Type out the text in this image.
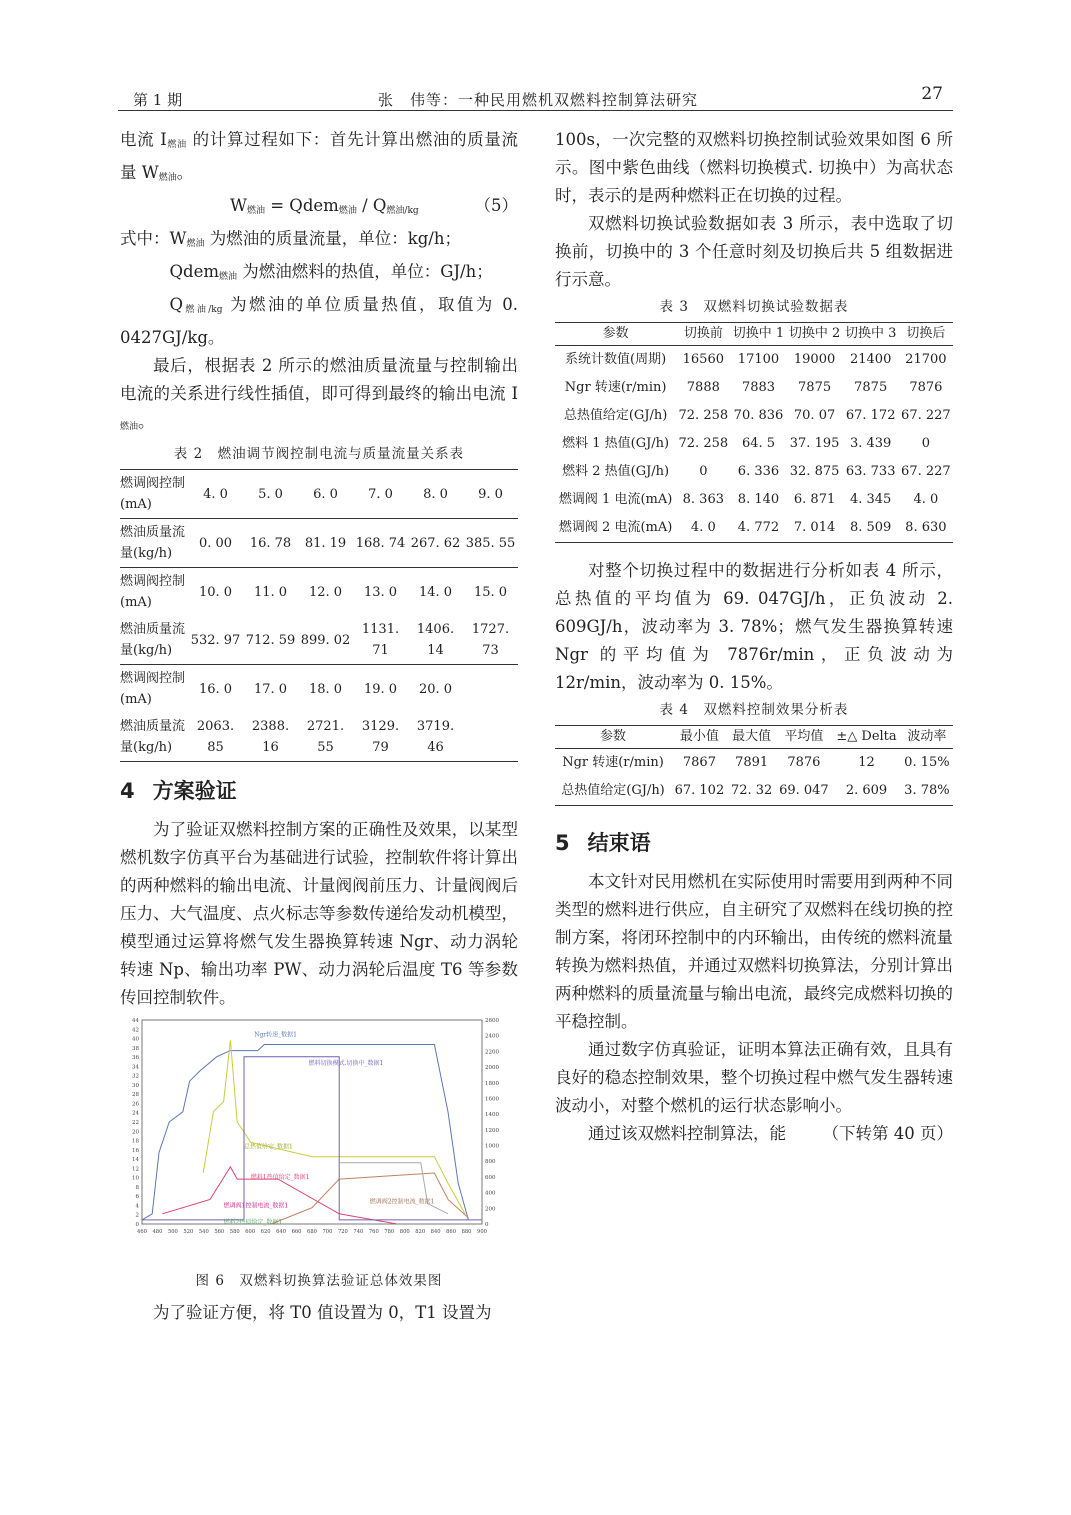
第 1 期	张　伟等：一种民用燃机双燃料控制算法研究	27

电流 $I_{燃油}$ 的计算过程如下：首先计算出燃油的质量流量 $W_{燃油}$。

$W_{燃油}$ = Qdem$_{燃油}$ / $Q_{燃油/kg}$	（5）

式中：$W_{燃油}$ 为燃油的质量流量，单位：kg/h；

Qdem$_{燃油}$ 为燃油燃料的热值，单位：GJ/h；

$Q_{燃油/kg}$ 为燃油的单位质量热值，取值为 0. 0427GJ/kg。

最后，根据表 2 所示的燃油质量流量与控制输出电流的关系进行线性插值，即可得到最终的输出电流 $I_{燃油}$。

表 2　燃油调节阀控制电流与质量流量关系表
燃调阀控制(mA)	4. 0	5. 0	6. 0	7. 0	8. 0	9. 0
燃油质量流量(kg/h)	0. 00	16. 78	81. 19	168. 74	267. 62	385. 55
燃调阀控制(mA)	10. 0	11. 0	12. 0	13. 0	14. 0	15. 0
燃油质量流量(kg/h)	532. 97	712. 59	899. 02	1131. 71	1406. 14	1727. 73
燃调阀控制(mA)	16. 0	17. 0	18. 0	19. 0	20. 0	
燃油质量流量(kg/h)	2063. 85	2388. 16	2721. 55	3129. 79	3719. 46	
4 方案验证

为了验证双燃料控制方案的正确性及效果，以某型燃机数字仿真平台为基础进行试验，控制软件将计算出的两种燃料的输出电流、计量阀阀前压力、计量阀阀后压力、大气温度、点火标志等参数传递给发动机模型，模型通过运算将燃气发生器换算转速 Ngr、动力涡轮转速 Np、输出功率 PW、动力涡轮后温度 T6 等参数传回控制软件。

44
42
40
38
36
34
32
30
28
26
24
22
20
18
16
14
12
10
8
6
4
2
0
2600
2400
2200
2000
1800
1600
1400
1200
1000
800
600
400
200
0
460 480 500 520 540 560 580 600 620 640 660 680 700 720 740 760 780 800 820 840 860 880 900
Ngr转速_数据1
燃料切换模式.切换中_数据1
总热值给定_数据1
燃料1热值给定_数据1
燃调阀1控制电流_数据1
燃调阀2控制电流_数据1
燃料2热值给定_数据1
图 6　双燃料切换算法验证总体效果图

为了验证方便，将 T0 值设置为 0，T1 设置为

100s，一次完整的双燃料切换控制试验效果如图 6 所示。图中紫色曲线（燃料切换模式. 切换中）为高状态时，表示的是两种燃料正在切换的过程。

双燃料切换试验数据如表 3 所示，表中选取了切换前，切换中的 3 个任意时刻及切换后共 5 组数据进行示意。

表 3　双燃料切换试验数据表
参数	切换前	切换中 1	切换中 2	切换中 3	切换后
系统计数值(周期)	16560	17100	19000	21400	21700
Ngr 转速(r/min)	7888	7883	7875	7875	7876
总热值给定(GJ/h)	72. 258	70. 836	70. 07	67. 172	67. 227
燃料 1 热值(GJ/h)	72. 258	64. 5	37. 195	3. 439	0
燃料 2 热值(GJ/h)	0	6. 336	32. 875	63. 733	67. 227
燃调阀 1 电流(mA)	8. 363	8. 140	6. 871	4. 345	4. 0
燃调阀 2 电流(mA)	4. 0	4. 772	7. 014	8. 509	8. 630

对整个切换过程中的数据进行分析如表 4 所示，总热值的平均值为 69. 047GJ/h，正负波动 2. 609GJ/h，波动率为 3. 78%；燃气发生器换算转速 Ngr 的平均值为 7876r/min，正负波动为 12r/min，波动率为 0. 15%。

表 4　双燃料控制效果分析表
参数	最小值	最大值	平均值	±△ Delta	波动率
Ngr 转速(r/min)	7867	7891	7876	12	0. 15%
总热值给定(GJ/h)	67. 102	72. 32	69. 047	2. 609	3. 78%
5 结束语

本文针对民用燃机在实际使用时需要用到两种不同类型的燃料进行供应，自主研究了双燃料在线切换的控制方案，将闭环控制中的内环输出，由传统的燃料流量转换为燃料热值，并通过双燃料切换算法，分别计算出两种燃料的质量流量与输出电流，最终完成燃料切换的平稳控制。

通过数字仿真验证，证明本算法正确有效，且具有良好的稳态控制效果，整个切换过程中燃气发生器转速波动小，对整个燃机的运行状态影响小。

通过该双燃料控制算法，能	（下转第 40 页）
